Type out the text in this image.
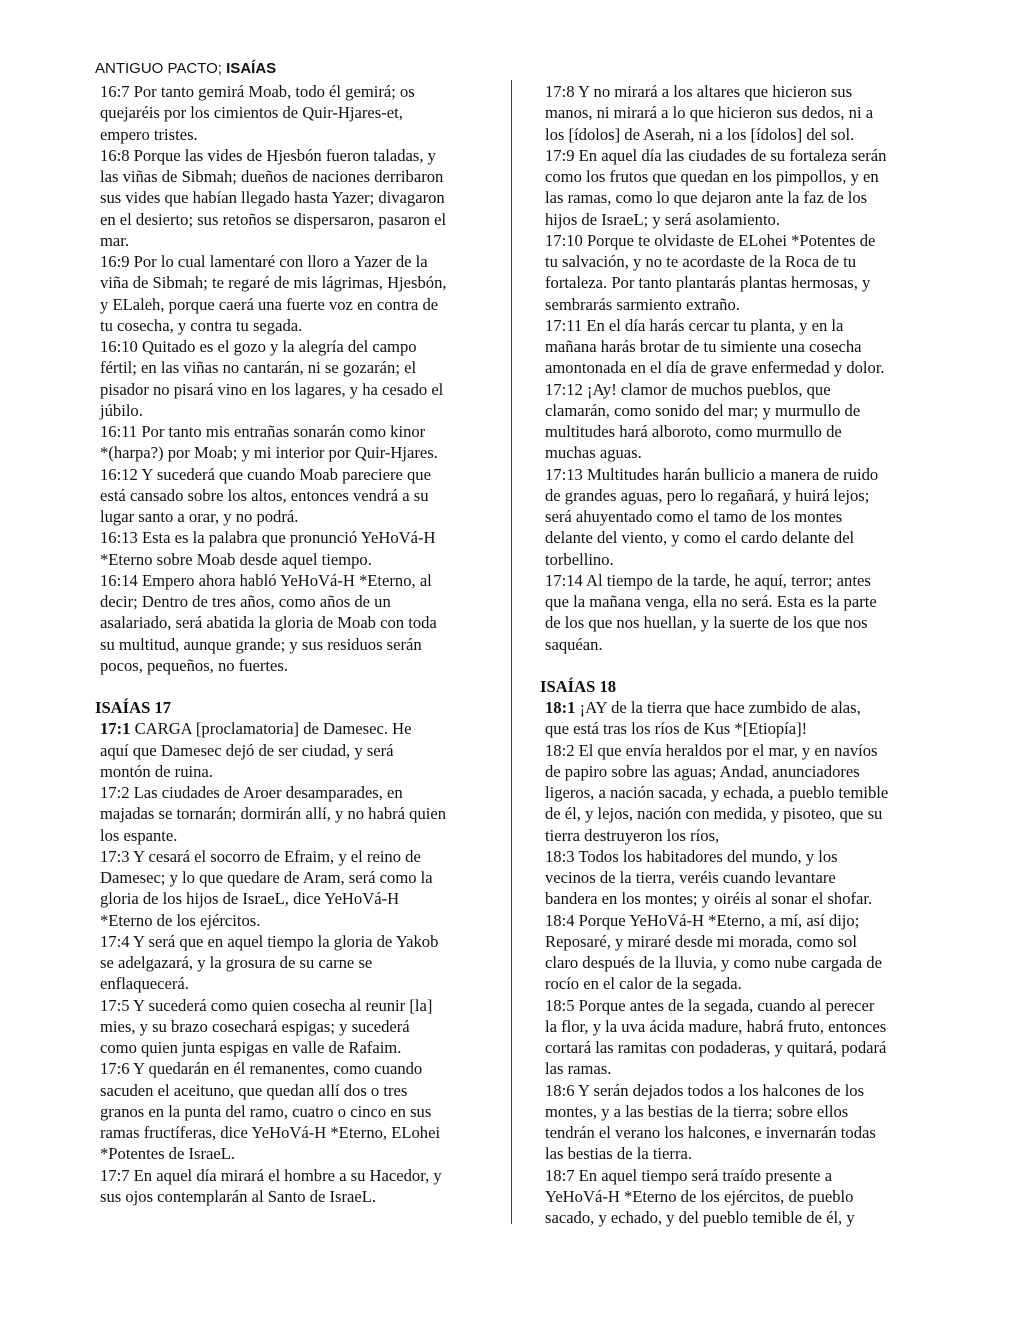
ANTIGUO PACTO; ISAÍAS
16:7 Por tanto gemirá Moab, todo él gemirá; os
quejaréis por los cimientos de Quir-Hjares-et,
empero tristes.
16:8 Porque las vides de Hjesbón fueron taladas, y
las viñas de Sibmah; dueños de naciones derribaron
sus vides que habían llegado hasta Yazer; divagaron
en el desierto; sus retoños se dispersaron, pasaron el
mar.
16:9 Por lo cual lamentaré con lloro a Yazer de la
viña de Sibmah; te regaré de mis lágrimas, Hjesbón,
y ELaleh, porque caerá una fuerte voz en contra de
tu cosecha, y contra tu segada.
16:10 Quitado es el gozo y la alegría del campo
fértil; en las viñas no cantarán, ni se gozarán; el
pisador no pisará vino en los lagares, y ha cesado el
júbilo.
16:11 Por tanto mis entrañas sonarán como kinor
*(harpa?) por Moab; y mi interior por Quir-Hjares.
16:12 Y sucederá que cuando Moab pareciere que
está cansado sobre los altos, entonces vendrá a su
lugar santo a orar, y no podrá.
16:13 Esta es la palabra que pronunció YeHoVá-H
*Eterno sobre Moab desde aquel tiempo.
16:14 Empero ahora habló YeHoVá-H *Eterno, al
decir; Dentro de tres años, como años de un
asalariado, será abatida la gloria de Moab con toda
su multitud, aunque grande; y sus residuos serán
pocos, pequeños, no fuertes.
ISAÍAS 17
17:1 CARGA [proclamatoria] de Damesec. He
aquí que Damesec dejó de ser ciudad, y será
montón de ruina.
17:2 Las ciudades de Aroer desamparades, en
majadas se tornarán; dormirán allí, y no habrá quien
los espante.
17:3 Y cesará el socorro de Efraim, y el reino de
Damesec; y lo que quedare de Aram, será como la
gloria de los hijos de IsraeL, dice YeHoVá-H
*Eterno de los ejércitos.
17:4 Y será que en aquel tiempo la gloria de Yakob
se adelgazará, y la grosura de su carne se
enflaquecerá.
17:5 Y sucederá como quien cosecha al reunir [la]
mies, y su brazo cosechará espigas; y sucederá
como quien junta espigas en valle de Rafaim.
17:6 Y quedarán en él remanentes, como cuando
sacuden el aceituno, que quedan allí dos o tres
granos en la punta del ramo, cuatro o cinco en sus
ramas fructíferas, dice YeHoVá-H *Eterno, ELohei
*Potentes de IsraeL.
17:7 En aquel día mirará el hombre a su Hacedor, y
sus ojos contemplarán al Santo de IsraeL.
17:8 Y no mirará a los altares que hicieron sus
manos, ni mirará a lo que hicieron sus dedos, ni a
los [ídolos] de Aserah, ni a los [ídolos] del sol.
17:9 En aquel día las ciudades de su fortaleza serán
como los frutos que quedan en los pimpollos, y en
las ramas, como lo que dejaron ante la faz de los
hijos de IsraeL; y será asolamiento.
17:10 Porque te olvidaste de ELohei *Potentes de
tu salvación, y no te acordaste de la Roca de tu
fortaleza. Por tanto plantarás plantas hermosas, y
sembrarás sarmiento extraño.
17:11 En el día harás cercar tu planta, y en la
mañana harás brotar de tu simiente una cosecha
amontonada en el día de grave enfermedad y dolor.
17:12 ¡Ay! clamor de muchos pueblos, que
clamarán, como sonido del mar; y murmullo de
multitudes hará alboroto, como murmullo de
muchas aguas.
17:13 Multitudes harán bullicio a manera de ruido
de grandes aguas, pero lo regañará, y huirá lejos;
será ahuyentado como el tamo de los montes
delante del viento, y como el cardo delante del
torbellino.
17:14 Al tiempo de la tarde, he aquí, terror; antes
que la mañana venga, ella no será. Esta es la parte
de los que nos huellan, y la suerte de los que nos
saquéan.
ISAÍAS 18
18:1 ¡AY de la tierra que hace zumbido de alas,
que está tras los ríos de Kus *[Etiopía]!
18:2 El que envía heraldos por el mar, y en navíos
de papiro sobre las aguas; Andad, anunciadores
ligeros, a nación sacada, y echada, a pueblo temible
de él, y lejos, nación con medida, y pisoteo, que su
tierra destruyeron los ríos,
18:3 Todos los habitadores del mundo, y los
vecinos de la tierra, veréis cuando levantare
bandera en los montes; y oiréis al sonar el shofar.
18:4 Porque YeHoVá-H *Eterno, a mí, así dijo;
Reposaré, y miraré desde mi morada, como sol
claro después de la lluvia, y como nube cargada de
rocío en el calor de la segada.
18:5 Porque antes de la segada, cuando al perecer
la flor, y la uva ácida madure, habrá fruto, entonces
cortará las ramitas con podaderas, y quitará, podará
las ramas.
18:6 Y serán dejados todos a los halcones de los
montes, y a las bestias de la tierra; sobre ellos
tendrán el verano los halcones, e invernarán todas
las bestias de la tierra.
18:7 En aquel tiempo será traído presente a
YeHoVá-H *Eterno de los ejércitos, de pueblo
sacado, y echado, y del pueblo temible de él, y
